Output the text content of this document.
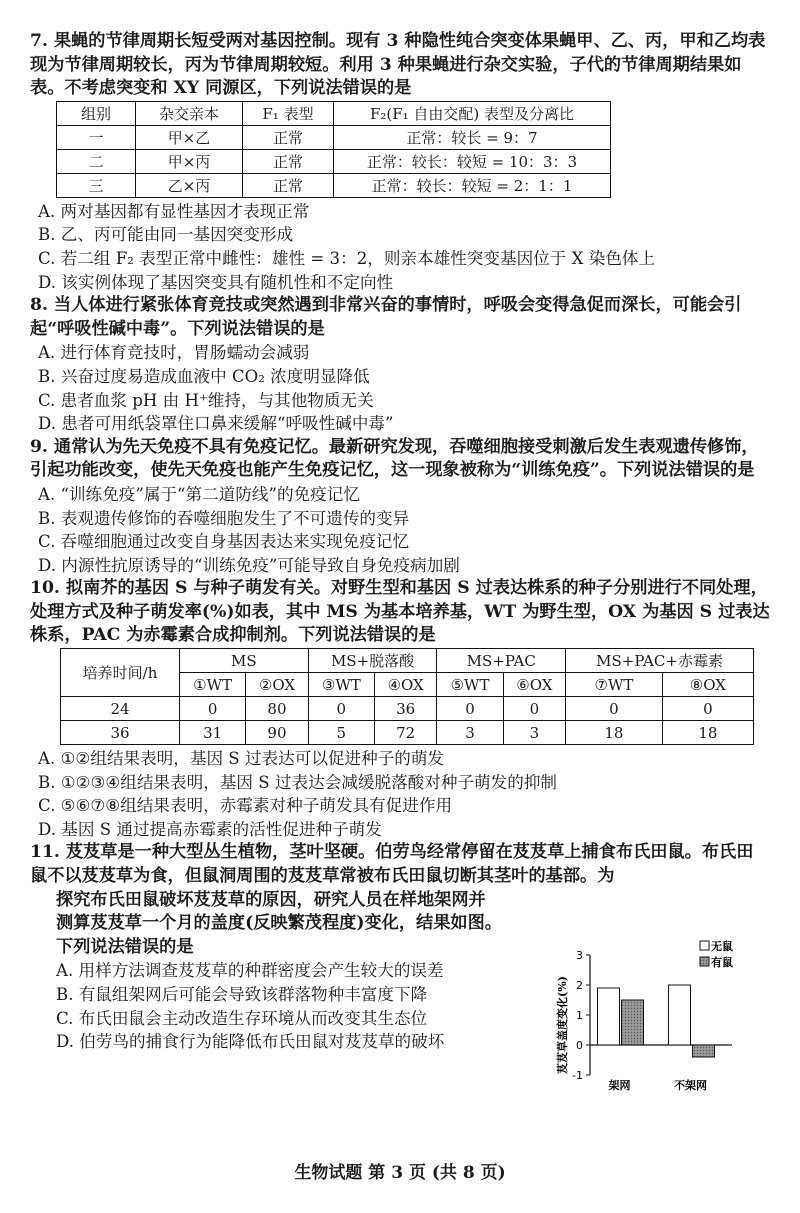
7. 果蝇的节律周期长短受两对基因控制。现有 3 种隐性纯合突变体果蝇甲、乙、丙，甲和乙均表现为节律周期较长，丙为节律周期较短。利用 3 种果蝇进行杂交实验，子代的节律周期结果如表。不考虑突变和 XY 同源区，下列说法错误的是

组别	杂交亲本	F₁ 表型	F₂(F₁ 自由交配) 表型及分离比
一	甲×乙	正常	正常：较长 = 9：7
二	甲×丙	正常	正常：较长：较短 = 10：3：3
三	乙×丙	正常	正常：较长：较短 = 2：1：1

A. 两对基因都有显性基因才表现正常

B. 乙、丙可能由同一基因突变形成

C. 若二组 F₂ 表型正常中雌性：雄性 = 3：2，则亲本雄性突变基因位于 X 染色体上

D. 该实例体现了基因突变具有随机性和不定向性

8. 当人体进行紧张体育竞技或突然遇到非常兴奋的事情时，呼吸会变得急促而深长，可能会引起“呼吸性碱中毒”。下列说法错误的是

A. 进行体育竞技时，胃肠蠕动会减弱

B. 兴奋过度易造成血液中 CO₂ 浓度明显降低

C. 患者血浆 pH 由 H⁺维持，与其他物质无关

D. 患者可用纸袋罩住口鼻来缓解“呼吸性碱中毒”

9. 通常认为先天免疫不具有免疫记忆。最新研究发现，吞噬细胞接受刺激后发生表观遗传修饰，引起功能改变，使先天免疫也能产生免疫记忆，这一现象被称为“训练免疫”。下列说法错误的是

A. “训练免疫”属于“第二道防线”的免疫记忆

B. 表观遗传修饰的吞噬细胞发生了不可遗传的变异

C. 吞噬细胞通过改变自身基因表达来实现免疫记忆

D. 内源性抗原诱导的“训练免疫”可能导致自身免疫病加剧

10. 拟南芥的基因 S 与种子萌发有关。对野生型和基因 S 过表达株系的种子分别进行不同处理，处理方式及种子萌发率(%)如表，其中 MS 为基本培养基，WT 为野生型，OX 为基因 S 过表达株系，PAC 为赤霉素合成抑制剂。下列说法错误的是

培养时间/h	MS		MS+脱落酸		MS+PAC		MS+PAC+赤霉素	
	①WT	②OX	③WT	④OX	⑤WT	⑥OX	⑦WT	⑧OX
24	0	80	0	36	0	0	0	0
36	31	90	5	72	3	3	18	18

A. ①②组结果表明，基因 S 过表达可以促进种子的萌发

B. ①②③④组结果表明，基因 S 过表达会减缓脱落酸对种子萌发的抑制

C. ⑤⑥⑦⑧组结果表明，赤霉素对种子萌发具有促进作用

D. 基因 S 通过提高赤霉素的活性促进种子萌发

11. 芨芨草是一种大型丛生植物，茎叶坚硬。伯劳鸟经常停留在芨芨草上捕食布氏田鼠。布氏田鼠不以芨芨草为食，但鼠洞周围的芨芨草常被布氏田鼠切断其茎叶的基部。为

探究布氏田鼠破坏芨芨草的原因，研究人员在样地架网并

测算芨芨草一个月的盖度(反映繁茂程度)变化，结果如图。

下列说法错误的是

A. 用样方法调查芨芨草的种群密度会产生较大的误差

B. 有鼠组架网后可能会导致该群落物种丰富度下降

C. 布氏田鼠会主动改造生存环境从而改变其生态位

D. 伯劳鸟的捕食行为能降低布氏田鼠对芨芨草的破坏

3
2
1
0
-1
芨芨草盖度变化(%)
架网	不架网
无鼠
有鼠
生物试题 第 3 页 (共 8 页)
